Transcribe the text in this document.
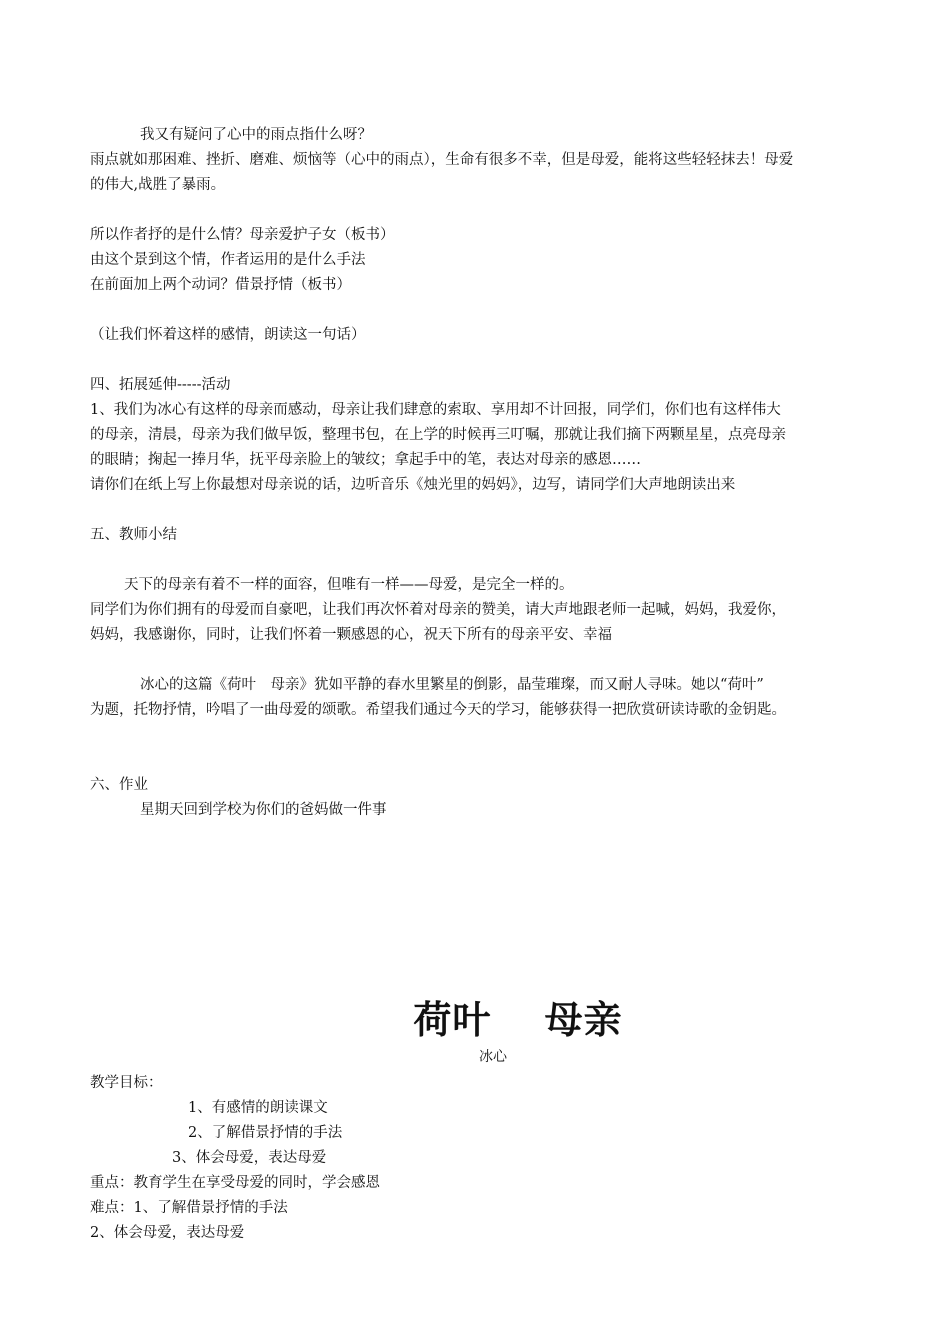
我又有疑问了心中的雨点指什么呀？
雨点就如那困难、挫折、磨难、烦恼等（心中的雨点），生命有很多不幸，但是母爱，能将这些轻轻抹去！母爱
的伟大,战胜了暴雨。
所以作者抒的是什么情？母亲爱护子女（板书）
由这个景到这个情，作者运用的是什么手法
在前面加上两个动词？借景抒情（板书）
（让我们怀着这样的感情，朗读这一句话）
四、拓展延伸-----活动
1、我们为冰心有这样的母亲而感动，母亲让我们肆意的索取、享用却不计回报，同学们，你们也有这样伟大
的母亲，清晨，母亲为我们做早饭，整理书包，在上学的时候再三叮嘱，那就让我们摘下两颗星星，点亮母亲
的眼睛；掬起一捧月华，抚平母亲脸上的皱纹；拿起手中的笔，表达对母亲的感恩……
请你们在纸上写上你最想对母亲说的话，边听音乐《烛光里的妈妈》，边写，请同学们大声地朗读出来
五、教师小结
天下的母亲有着不一样的面容，但唯有一样——母爱，是完全一样的。
同学们为你们拥有的母爱而自豪吧，让我们再次怀着对母亲的赞美，请大声地跟老师一起喊，妈妈，我爱你，
妈妈，我感谢你，同时，让我们怀着一颗感恩的心，祝天下所有的母亲平安、幸福
冰心的这篇《荷叶　母亲》犹如平静的春水里繁星的倒影，晶莹璀璨，而又耐人寻味。她以“荷叶”
为题，托物抒情，吟唱了一曲母爱的颂歌。希望我们通过今天的学习，能够获得一把欣赏研读诗歌的金钥匙。
六、作业
星期天回到学校为你们的爸妈做一件事
荷叶　 母亲
冰心
教学目标：
1、有感情的朗读课文
2、了解借景抒情的手法
3、体会母爱，表达母爱
重点：教育学生在享受母爱的同时，学会感恩
难点：1、了解借景抒情的手法
2、体会母爱，表达母爱
